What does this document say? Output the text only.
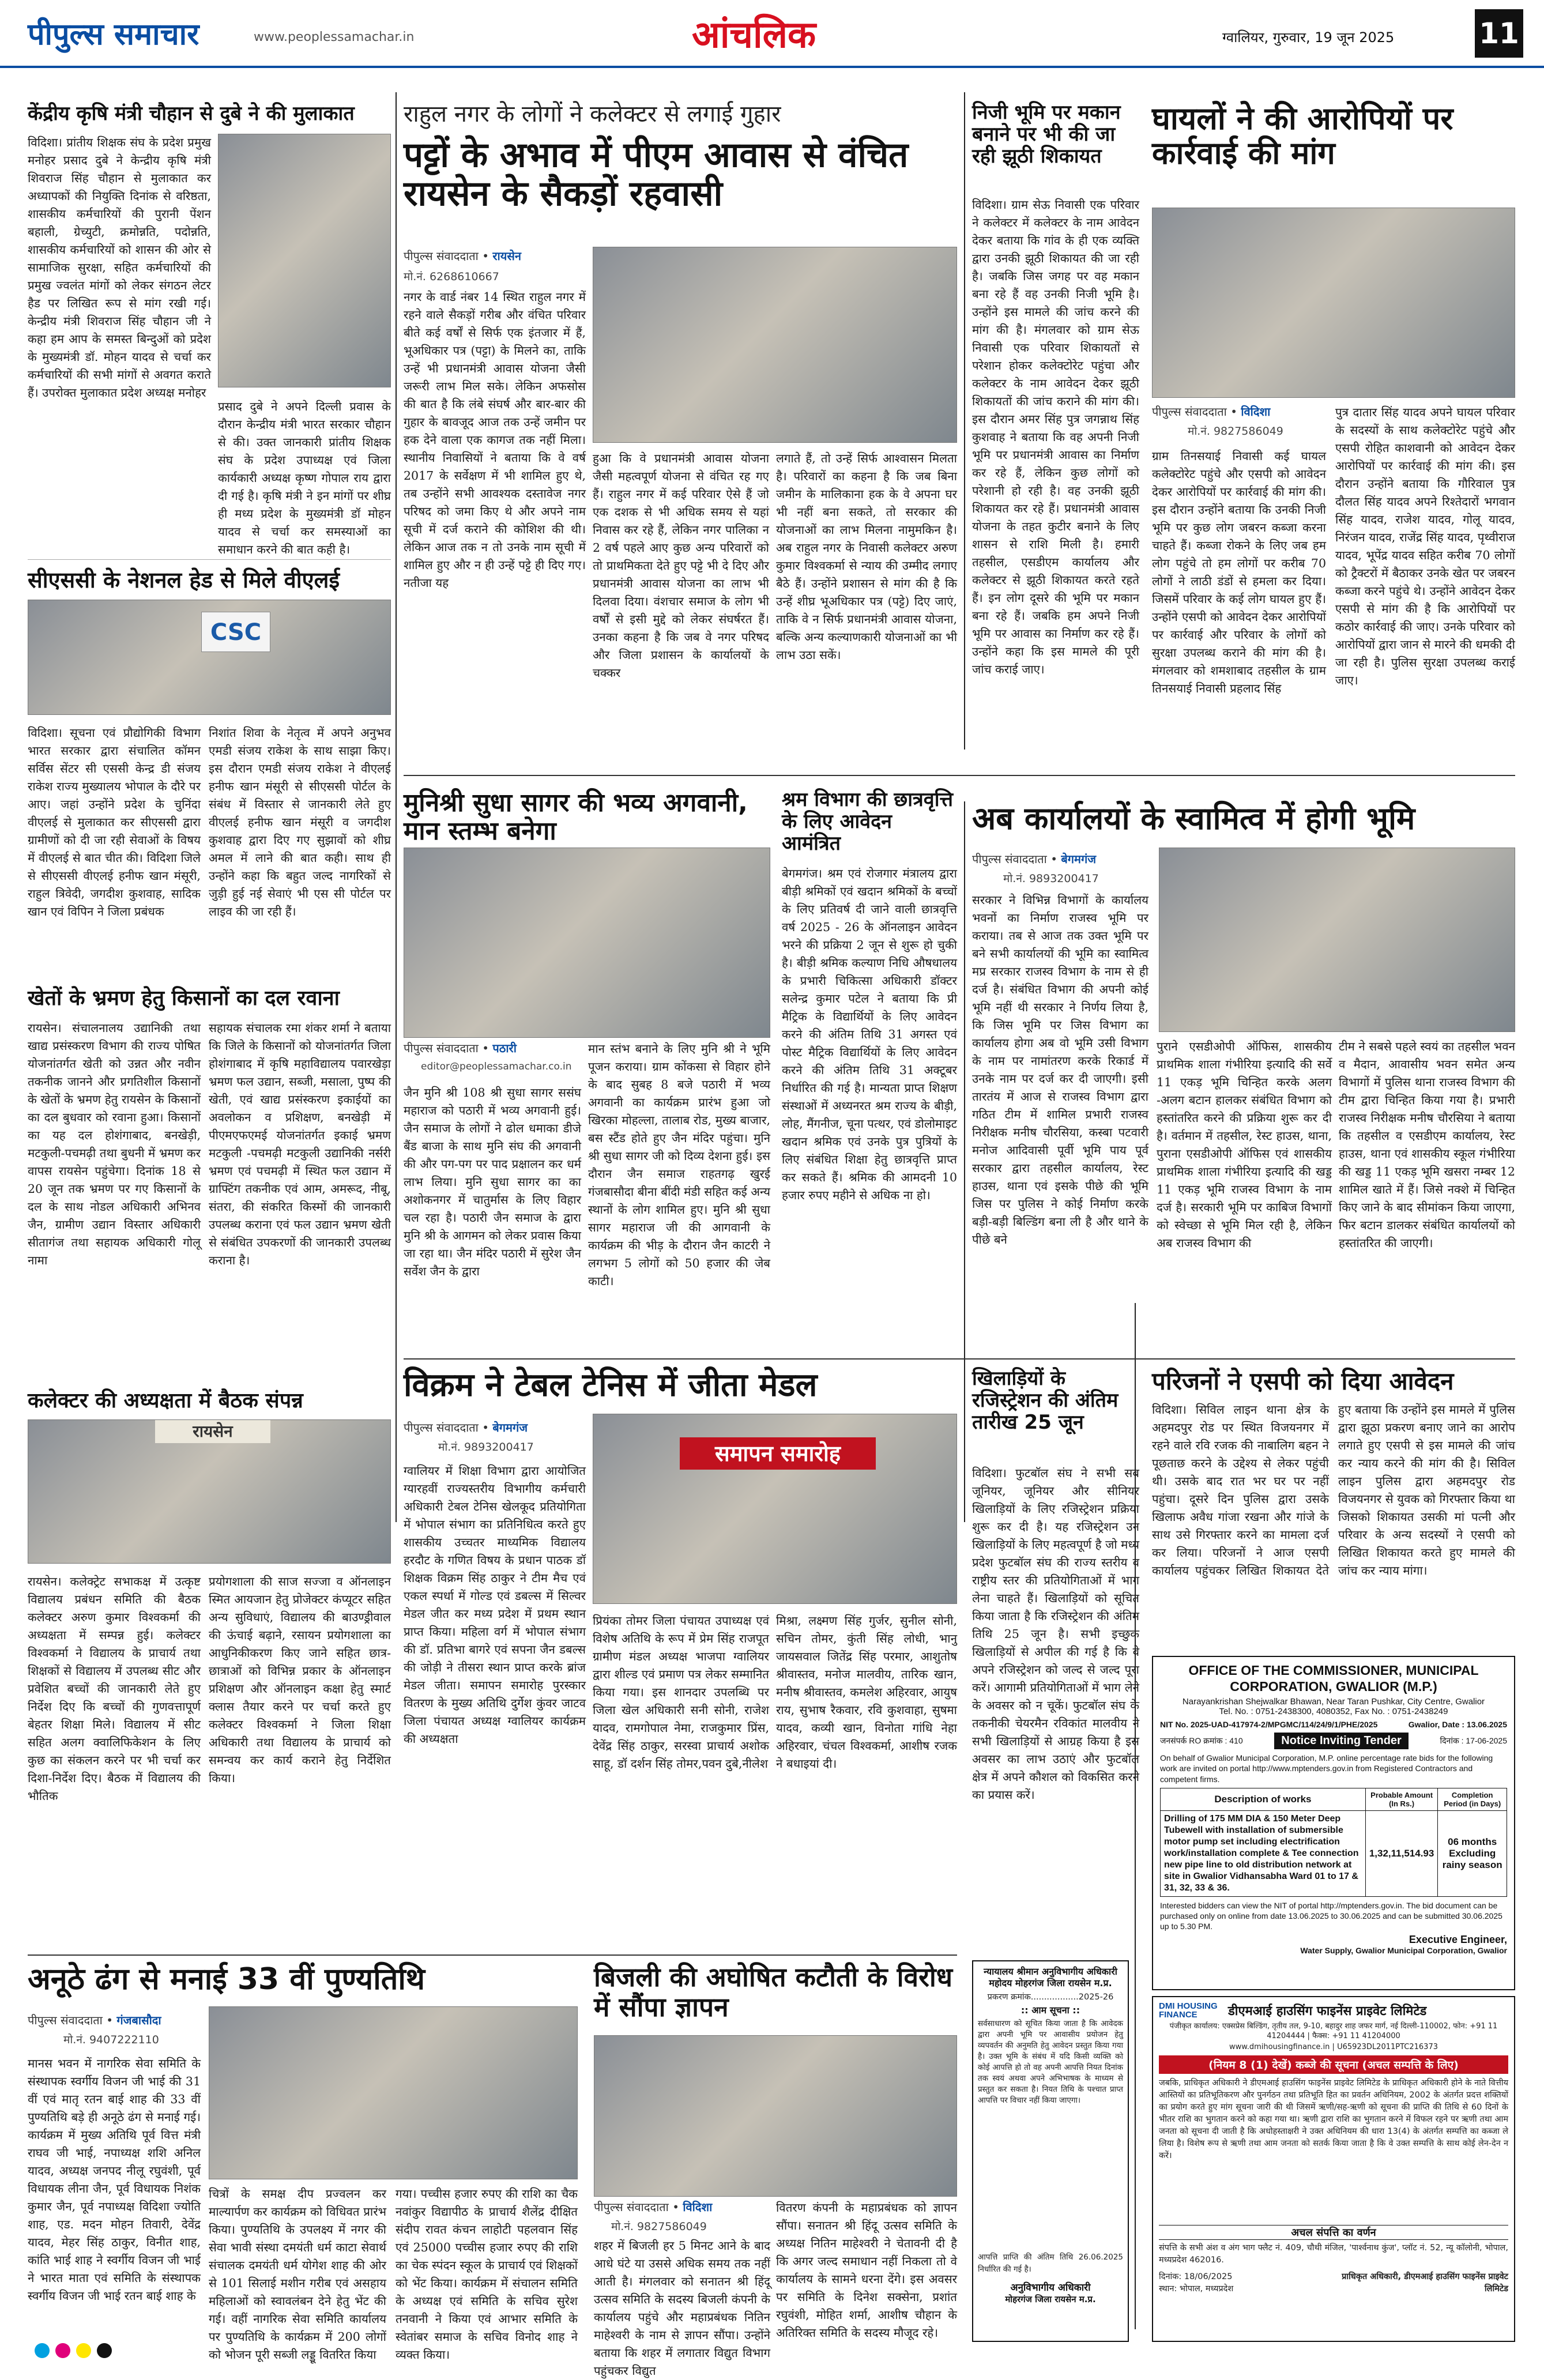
पीपुल्स समाचार	www.peoplessamachar.in	आंचलिक	ग्वालियर, गुरुवार, 19 जून 2025	11
केंद्रीय कृषि मंत्री चौहान से दुबे ने की मुलाकात
विदिशा। प्रांतीय शिक्षक संघ के प्रदेश प्रमुख मनोहर प्रसाद दुबे ने केन्द्रीय कृषि मंत्री शिवराज सिंह चौहान से मुलाकात कर अध्यापकों की नियुक्ति दिनांक से वरिष्ठता, शासकीय कर्मचारियों की पुरानी पेंशन बहाली, ग्रेच्युटी, क्रमोन्नति, पदोन्नति, शासकीय कर्मचारियों को शासन की ओर से सामाजिक सुरक्षा, सहित कर्मचारियों की प्रमुख ज्वलंत मांगों को लेकर संगठन लेटर हैड पर लिखित रूप से मांग रखी गई। केन्द्रीय मंत्री शिवराज सिंह चौहान जी ने कहा हम आप के समस्त बिन्दुओं को प्रदेश के मुख्यमंत्री डॉ. मोहन यादव से चर्चा कर कर्मचारियों की सभी मांगों से अवगत कराते हैं। उपरोक्त मुलाकात प्रदेश अध्यक्ष मनोहर
प्रसाद दुबे ने अपने दिल्ली प्रवास के दौरान केन्द्रीय मंत्री भारत सरकार चौहान से की। उक्त जानकारी प्रांतीय शिक्षक संघ के प्रदेश उपाध्यक्ष एवं जिला कार्यकारी अध्यक्ष कृष्ण गोपाल राय द्वारा दी गई है। कृषि मंत्री ने इन मांगों पर शीघ्र ही मध्य प्रदेश के मुख्यमंत्री डॉ मोहन यादव से चर्चा कर समस्याओं का समाधान करने की बात कही है।
सीएससी के नेशनल हेड से मिले वीएलई
CSC
विदिशा। सूचना एवं प्रौद्योगिकी विभाग भारत सरकार द्वारा संचालित कॉमन सर्विस सेंटर सी एससी केन्द्र डी संजय राकेश राज्य मुख्यालय भोपाल के दौरे पर आए। जहां उन्होंने प्रदेश के चुनिंदा वीएलई से मुलाकात कर सीएससी द्वारा ग्रामीणों को दी जा रही सेवाओं के विषय में वीएलई से बात चीत की। विदिशा जिले से सीएससी वीएलई हनीफ खान मंसूरी, राहुल त्रिवेदी, जगदीश कुशवाह, सादिक खान एवं विपिन ने जिला प्रबंधक
निशांत शिवा के नेतृत्व में अपने अनुभव एमडी संजय राकेश के साथ साझा किए। इस दौरान एमडी संजय राकेश ने वीएलई हनीफ खान मंसूरी से सीएससी पोर्टल के संबंध में विस्तार से जानकारी लेते हुए वीएलई हनीफ खान मंसूरी व जगदीश कुशवाह द्वारा दिए गए सुझावों को शीघ्र अमल में लाने की बात कही। साथ ही उन्होंने कहा कि बहुत जल्द नागरिकों से जुड़ी हुई नई सेवाएं भी एस सी पोर्टल पर लाइव की जा रही हैं।
खेतों के भ्रमण हेतु किसानों का दल रवाना
रायसेन। संचालनालय उद्यानिकी तथा खाद्य प्रसंस्करण विभाग की राज्य पोषित योजनांतर्गत खेती को उन्नत और नवीन तकनीक जानने और प्रगतिशील किसानों के खेतों के भ्रमण हेतु रायसेन के किसानों का दल बुधवार को रवाना हुआ। किसानों का यह दल होशंगाबाद, बनखेड़ी, मटकुली-पचमढ़ी तथा बुधनी में भ्रमण कर वापस रायसेन पहुंचेगा। दिनांक 18 से 20 जून तक भ्रमण पर गए किसानों के दल के साथ नोडल अधिकारी अभिनव जैन, ग्रामीण उद्यान विस्तार अधिकारी सीतागंज तथा सहायक अधिकारी गोलू नामा
सहायक संचालक रमा शंकर शर्मा ने बताया कि जिले के किसानों को योजनांतर्गत जिला होशंगाबाद में कृषि महाविद्यालय पवारखेड़ा भ्रमण फल उद्यान, सब्जी, मसाला, पुष्प की खेती, एवं खाद्य प्रसंस्करण इकाईयों का अवलोकन व प्रशिक्षण, बनखेड़ी में पीएमएफएमई योजनांतर्गत इकाई भ्रमण मटकुली -पचमढ़ी मटकुली उद्यानिकी नर्सरी भ्रमण एवं पचमढ़ी में स्थित फल उद्यान में ग्राफ्टिंग तकनीक एवं आम, अमरूद, नीबू, संतरा, की संकरित किस्मों की जानकारी उपलब्ध कराना एवं फल उद्यान भ्रमण खेती से संबंधित उपकरणों की जानकारी उपलब्ध कराना है।
कलेक्टर की अध्यक्षता में बैठक संपन्न
रायसेन
रायसेन। कलेक्ट्रेट सभाकक्ष में उत्कृष्ट विद्यालय प्रबंधन समिति की बैठक कलेक्टर अरुण कुमार विश्वकर्मा की अध्यक्षता में सम्पन्न हुई। कलेक्टर विश्वकर्मा ने विद्यालय के प्राचार्य तथा शिक्षकों से विद्यालय में उपलब्ध सीट और प्रवेशित बच्चों की जानकारी लेते हुए निर्देश दिए कि बच्चों की गुणवत्तापूर्ण बेहतर शिक्षा मिले। विद्यालय में सीट सहित अलग क्वालिफिकेशन के लिए कुछ का संकलन करने पर भी चर्चा कर दिशा-निर्देश दिए। बैठक में विद्यालय की भौतिक
प्रयोगशाला की साज सज्जा व ऑनलाइन स्मित आयजान हेतु प्रोजेक्टर कंप्यूटर सहित अन्य सुविधाएं, विद्यालय की बाउण्ड्रीवाल की ऊंचाई बढ़ाने, रसायन प्रयोगशाला का आधुनिकीकरण किए जाने सहित छात्र-छात्राओं को विभिन्न प्रकार के ऑनलाइन प्रशिक्षण और ऑनलाइन कक्षा हेतु स्मार्ट क्लास तैयार करने पर चर्चा करते हुए कलेक्टर विश्वकर्मा ने जिला शिक्षा अधिकारी तथा विद्यालय के प्राचार्य को समन्वय कर कार्य कराने हेतु निर्देशित किया।
राहुल नगर के लोगों ने कलेक्टर से लगाई गुहार
पट्टों के अभाव में पीएम आवास से वंचित रायसेन के सैकड़ों रहवासी
पीपुल्स संवाददाता • रायसेन
मो.नं. 6268610667
नगर के वार्ड नंबर 14 स्थित राहुल नगर में रहने वाले सैकड़ों गरीब और वंचित परिवार बीते कई वर्षों से सिर्फ एक इंतजार में हैं, भूअधिकार पत्र (पट्टा) के मिलने का, ताकि उन्हें भी प्रधानमंत्री आवास योजना जैसी जरूरी लाभ मिल सके। लेकिन अफसोस की बात है कि लंबे संघर्ष और बार-बार की गुहार के बावजूद आज तक उन्हें जमीन पर हक देने वाला एक कागज तक नहीं मिला। स्थानीय निवासियों ने बताया कि वे वर्ष 2017 के सर्वेक्षण में भी शामिल हुए थे, तब उन्होंने सभी आवश्यक दस्तावेज नगर परिषद को जमा किए थे और अपने नाम सूची में दर्ज कराने की कोशिश की थी। लेकिन आज तक न तो उनके नाम सूची में शामिल हुए और न ही उन्हें पट्टे ही दिए गए। नतीजा यह
हुआ कि वे प्रधानमंत्री आवास योजना जैसी महत्वपूर्ण योजना से वंचित रह गए हैं। राहुल नगर में कई परिवार ऐसे हैं जो एक दशक से भी अधिक समय से यहां निवास कर रहे हैं, लेकिन नगर पालिका न 2 वर्ष पहले आए कुछ अन्य परिवारों को तो प्राथमिकता देते हुए पट्टे भी दे दिए और प्रधानमंत्री आवास योजना का लाभ भी दिलवा दिया। वंशचार समाज के लोग भी वर्षों से इसी मुद्दे को लेकर संघर्षरत हैं। उनका कहना है कि जब वे नगर परिषद और जिला प्रशासन के कार्यालयों के चक्कर
लगाते हैं, तो उन्हें सिर्फ आश्वासन मिलता है। परिवारों का कहना है कि जब बिना जमीन के मालिकाना हक के वे अपना घर भी नहीं बना सकते, तो सरकार की योजनाओं का लाभ मिलना नामुमकिन है। अब राहुल नगर के निवासी कलेक्टर अरुण कुमार विश्वकर्मा से न्याय की उम्मीद लगाए बैठे हैं। उन्होंने प्रशासन से मांग की है कि उन्हें शीघ्र भूअधिकार पत्र (पट्टे) दिए जाएं, ताकि वे न सिर्फ प्रधानमंत्री आवास योजना, बल्कि अन्य कल्याणकारी योजनाओं का भी लाभ उठा सकें।
निजी भूमि पर मकान बनाने पर भी की जा रही झूठी शिकायत
विदिशा। ग्राम सेऊ निवासी एक परिवार ने कलेक्टर में कलेक्टर के नाम आवेदन देकर बताया कि गांव के ही एक व्यक्ति द्वारा उनकी झूठी शिकायत की जा रही है। जबकि जिस जगह पर वह मकान बना रहे हैं वह उनकी निजी भूमि है। उन्होंने इस मामले की जांच करने की मांग की है। मंगलवार को ग्राम सेऊ निवासी एक परिवार शिकायतों से परेशान होकर कलेक्टोरेट पहुंचा और कलेक्टर के नाम आवेदन देकर झूठी शिकायतों की जांच कराने की मांग की। इस दौरान अमर सिंह पुत्र जगन्नाथ सिंह कुशवाह ने बताया कि वह अपनी निजी भूमि पर प्रधानमंत्री आवास का निर्माण कर रहे हैं, लेकिन कुछ लोगों को परेशानी हो रही है। वह उनकी झूठी शिकायत कर रहे हैं। प्रधानमंत्री आवास योजना के तहत कुटीर बनाने के लिए शासन से राशि मिली है। हमारी तहसील, एसडीएम कार्यालय और कलेक्टर से झूठी शिकायत करते रहते हैं। इन लोग दूसरे की भूमि पर मकान बना रहे हैं। जबकि हम अपने निजी भूमि पर आवास का निर्माण कर रहे हैं। उन्होंने कहा कि इस मामले की पूरी जांच कराई जाए।
घायलों ने की आरोपियों पर कार्रवाई की मांग
पीपुल्स संवाददाता • विदिशा
मो.नं. 9827586049
ग्राम तिनसयाई निवासी कई घायल कलेक्टोरेट पहुंचे और एसपी को आवेदन देकर आरोपियों पर कार्रवाई की मांग की। इस दौरान उन्होंने बताया कि उनकी निजी भूमि पर कुछ लोग जबरन कब्जा करना चाहते हैं। कब्जा रोकने के लिए जब हम लोग पहुंचे तो हम लोगों पर करीब 70 लोगों ने लाठी डंडों से हमला कर दिया। जिसमें परिवार के कई लोग घायल हुए हैं। उन्होंने एसपी को आवेदन देकर आरोपियों पर कार्रवाई और परिवार के लोगों को सुरक्षा उपलब्ध कराने की मांग की है। मंगलवार को शमशाबाद तहसील के ग्राम तिनसयाई निवासी प्रहलाद सिंह
पुत्र दातार सिंह यादव अपने घायल परिवार के सदस्यों के साथ कलेक्टोरेट पहुंचे और एसपी रोहित काशवानी को आवेदन देकर आरोपियों पर कार्रवाई की मांग की। इस दौरान उन्होंने बताया कि गौरिवाल पुत्र दौलत सिंह यादव अपने रिश्तेदारों भगवान सिंह यादव, राजेश यादव, गोलू यादव, निरंजन यादव, राजेंद्र सिंह यादव, पृथ्वीराज यादव, भूपेंद्र यादव सहित करीब 70 लोगों को ट्रैक्टरों में बैठाकर उनके खेत पर जबरन कब्जा करने पहुंचे थे। उन्होंने आवेदन देकर एसपी से मांग की है कि आरोपियों पर कठोर कार्रवाई की जाए। उनके परिवार को आरोपियों द्वारा जान से मारने की धमकी दी जा रही है। पुलिस सुरक्षा उपलब्ध कराई जाए।
मुनिश्री सुधा सागर की भव्य अगवानी, मान स्तम्भ बनेगा
पीपुल्स संवाददाता • पठारी
editor@peoplessamachar.co.in
जैन मुनि श्री 108 श्री सुधा सागर ससंघ महाराज को पठारी में भव्य अगवानी हुई। जैन समाज के लोगों ने ढोल धमाका डीजे बैंड बाजा के साथ मुनि संघ की अगवानी की और पग-पग पर पाद प्रक्षालन कर धर्म लाभ लिया। मुनि सुधा सागर का का अशोकनगर में चातुर्मास के लिए विहार चल रहा है। पठारी जैन समाज के द्वारा मुनि श्री के आगमन को लेकर प्रवास किया जा रहा था। जैन मंदिर पठारी में सुरेश जैन सर्वेश जैन के द्वारा
मान स्तंभ बनाने के लिए मुनि श्री ने भूमि पूजन कराया। ग्राम कोंकसा से विहार होने के बाद सुबह 8 बजे पठारी में भव्य अगवानी का कार्यक्रम प्रारंभ हुआ जो खिरका मोहल्ला, तालाब रोड, मुख्य बाजार, बस स्टैंड होते हुए जैन मंदिर पहुंचा। मुनि श्री सुधा सागर जी को दिव्य देशना हुई। इस दौरान जैन समाज राहतगढ़ खुरई गंजबासौदा बीना बींदी मंडी सहित कई अन्य स्थानों के लोग शामिल हुए। मुनि श्री सुधा सागर महाराज जी की आगवानी के कार्यक्रम की भीड़ के दौरान जैन काटरी ने लगभग 5 लोगों को 50 हजार की जेब काटी।
श्रम विभाग की छात्रवृत्ति के लिए आवेदन आमंत्रित
बेगमगंज। श्रम एवं रोजगार मंत्रालय द्वारा बीड़ी श्रमिकों एवं खदान श्रमिकों के बच्चों के लिए प्रतिवर्ष दी जाने वाली छात्रवृत्ति वर्ष 2025 - 26 के ऑनलाइन आवेदन भरने की प्रक्रिया 2 जून से शुरू हो चुकी है। बीड़ी श्रमिक कल्याण निधि औषधालय के प्रभारी चिकित्सा अधिकारी डॉक्टर सलेन्द्र कुमार पटेल ने बताया कि प्री मैट्रिक के विद्यार्थियों के लिए आवेदन करने की अंतिम तिथि 31 अगस्त एवं पोस्ट मैट्रिक विद्यार्थियों के लिए आवेदन करने की अंतिम तिथि 31 अक्टूबर निर्धारित की गई है। मान्यता प्राप्त शिक्षण संस्थाओं में अध्यनरत श्रम राज्य के बीड़ी, लोह, मैंगनीज, चूना पत्थर, एवं डोलोमाइट खदान श्रमिक एवं उनके पुत्र पुत्रियों के लिए संबंधित शिक्षा हेतु छात्रवृत्ति प्राप्त कर सकते हैं। श्रमिक की आमदनी 10 हजार रुपए महीने से अधिक ना हो।
अब कार्यालयों के स्वामित्व में होगी भूमि
पीपुल्स संवाददाता • बेगमगंज
मो.नं. 9893200417
सरकार ने विभिन्न विभागों के कार्यालय भवनों का निर्माण राजस्व भूमि पर कराया। तब से आज तक उक्त भूमि पर बने सभी कार्यालयों की भूमि का स्वामित्व मप्र सरकार राजस्व विभाग के नाम से ही दर्ज है। संबंधित विभाग की अपनी कोई भूमि नहीं थी सरकार ने निर्णय लिया है, कि जिस भूमि पर जिस विभाग का कार्यालय होगा अब वो भूमि उसी विभाग के नाम पर नामांतरण करके रिकार्ड में उनके नाम पर दर्ज कर दी जाएगी। इसी तारतंय में आज से राजस्व विभाग द्वारा गठित टीम में शामिल प्रभारी राजस्व निरीक्षक मनीष चौरसिया, कस्बा पटवारी मनोज आदिवासी पूर्वी भूमि पाय पूर्व सरकार द्वारा तहसील कार्यालय, रेस्ट हाउस, थाना एवं इसके पीछे की भूमि जिस पर पुलिस ने कोई निर्माण करके बड़ी-बड़ी बिल्डिंग बना ली है और थाने के पीछे बने
पुराने एसडीओपी ऑफिस, शासकीय प्राथमिक शाला गंभीरिया इत्यादि की सर्वे 11 एकड़ भूमि चिन्हित करके अलग -अलग बटान हालकर संबंधित विभाग को हस्तांतरित करने की प्रक्रिया शुरू कर दी है। वर्तमान में तहसील, रेस्ट हाउस, थाना, पुराना एसडीओपी ऑफिस एवं शासकीय प्राथमिक शाला गंभीरिया इत्यादि की खड्ड 11 एकड़ भूमि राजस्व विभाग के नाम दर्ज है। सरकारी भूमि पर काबिज विभागों को स्वेच्छा से भूमि मिल रही है, लेकिन अब राजस्व विभाग की
टीम ने सबसे पहले स्वयं का तहसील भवन व मैदान, आवासीय भवन समेत अन्य विभागों में पुलिस थाना राजस्व विभाग की टीम द्वारा चिन्हित किया गया है। प्रभारी राजस्व निरीक्षक मनीष चौरसिया ने बताया कि तहसील व एसडीएम कार्यालय, रेस्ट हाउस, थाना एवं शासकीय स्कूल गंभीरिया की खड्ड 11 एकड़ भूमि खसरा नम्बर 12 शामिल खाते में हैं। जिसे नक्शे में चिन्हित किए जाने के बाद सीमांकन किया जाएगा, फिर बटान डालकर संबंधित कार्यालयों को हस्तांतरित की जाएगी।
विक्रम ने टेबल टेनिस में जीता मेडल
पीपुल्स संवाददाता • बेगमगंज
मो.नं. 9893200417	समापन समारोह
ग्वालियर में शिक्षा विभाग द्वारा आयोजित ग्यारहवीं राज्यस्तरीय विभागीय कर्मचारी अधिकारी टेबल टेनिस खेलकूद प्रतियोगिता में भोपाल संभाग का प्रतिनिधित्व करते हुए शासकीय उच्चतर माध्यमिक विद्यालय हरदौट के गणित विषय के प्रधान पाठक डॉ शिक्षक विक्रम सिंह ठाकुर ने टीम मैच एवं एकल स्पर्धा में गोल्ड एवं डबल्स में सिल्वर मेडल जीत कर मध्य प्रदेश में प्रथम स्थान प्राप्त किया। महिला वर्ग में भोपाल संभाग की डॉ. प्रतिभा बागरे एवं सपना जैन डबल्स की जोड़ी ने तीसरा स्थान प्राप्त करके ब्रांज मेडल जीता। समापन समारोह पुरस्कार वितरण के मुख्य अतिथि दुर्गेश कुंवर जाटव जिला पंचायत अध्यक्ष ग्वालियर कार्यक्रम की अध्यक्षता
प्रियंका तोमर जिला पंचायत उपाध्यक्ष एवं विशेष अतिथि के रूप में प्रेम सिंह राजपूत ग्रामीण मंडल अध्यक्ष भाजपा ग्वालियर द्वारा शील्ड एवं प्रमाण पत्र लेकर सम्मानित किया गया। इस शानदार उपलब्धि पर जिला खेल अधिकारी सनी सोनी, राजेश यादव, रामगोपाल नेमा, राजकुमार प्रिंस, देवेंद्र सिंह ठाकुर, सरस्वा प्राचार्य अशोक साहू, डॉ दर्शन सिंह तोमर,पवन दुबे,नीलेश
मिश्रा, लक्ष्मण सिंह गुर्जर, सुनील सोनी, सचिन तोमर, कुंती सिंह लोधी, भानु जायसवाल जितेंद्र सिंह परमार, आशुतोष श्रीवास्तव, मनोज मालवीय, तारिक खान, मनीष श्रीवास्तव, कमलेश अहिरवार, आयुष राय, सुभाष रैकवार, रवि कुशवाहा, सुषमा यादव, कव्यी खान, विनोता गांधि नेहा अहिरवार, चंचल विश्वकर्मा, आशीष रजक ने बधाइयां दी।
खिलाड़ियों के रजिस्ट्रेशन की अंतिम तारीख 25 जून
विदिशा। फुटबॉल संघ ने सभी सब जूनियर, जूनियर और सीनियर खिलाड़ियों के लिए रजिस्ट्रेशन प्रक्रिया शुरू कर दी है। यह रजिस्ट्रेशन उन खिलाड़ियों के लिए महत्वपूर्ण है जो मध्य प्रदेश फुटबॉल संघ की राज्य स्तरीय व राष्ट्रीय स्तर की प्रतियोगिताओं में भाग लेना चाहते हैं। खिलाड़ियों को सूचित किया जाता है कि रजिस्ट्रेशन की अंतिम तिथि 25 जून है। सभी इच्छुक खिलाड़ियों से अपील की गई है कि वे अपने रजिस्ट्रेशन को जल्द से जल्द पूरा करें। आगामी प्रतियोगिताओं में भाग लेने के अवसर को न चूकें। फुटबॉल संघ के तकनीकी चेयरमैन रविकांत मालवीय ने सभी खिलाड़ियों से आग्रह किया है इस अवसर का लाभ उठाएं और फुटबॉल क्षेत्र में अपने कौशल को विकसित करने का प्रयास करें।
परिजनों ने एसपी को दिया आवेदन
विदिशा। सिविल लाइन थाना क्षेत्र के अहमदपुर रोड पर स्थित विजयनगर में रहने वाले रवि रजक की नाबालिग बहन ने पूछताछ करने के उद्देश्य से लेकर पहुंची थी। उसके बाद रात भर घर पर नहीं पहुंचा। दूसरे दिन पुलिस द्वारा उसके खिलाफ अवैध गांजा रखना और गांजे के साथ उसे गिरफ्तार करने का मामला दर्ज कर लिया। परिजनों ने आज एसपी कार्यालय पहुंचकर लिखित शिकायत देते हुए बताया कि उन्होंने इस मामले में पुलिस द्वारा झूठा प्रकरण बनाए जाने का आरोप लगाते हुए एसपी से इस मामले की जांच कर न्याय करने की मांग की है। सिविल लाइन पुलिस द्वारा अहमदपुर रोड विजयनगर से युवक को गिरफ्तार किया था जिसको शिकायत उसकी मां पत्नी और परिवार के अन्य सदस्यों ने एसपी को लिखित शिकायत करते हुए मामले की जांच कर न्याय मांगा।
OFFICE OF THE COMMISSIONER, MUNICIPAL CORPORATION, GWALIOR (M.P.)
Narayankrishan Shejwalkar Bhawan, Near Taran Pushkar, City Centre, Gwalior
Tel. No. : 0751-2438300, 4080352, Fax No. : 0751-2438249
NIT No. 2025-UAD-417974-2/MPGMC/114/24/9/1/PHE/2025	Gwalior, Date : 13.06.2025
जनसंपर्क RO क्रमांक : 410	Notice Inviting Tender	दिनांक : 17-06-2025
On behalf of Gwalior Municipal Corporation, M.P. online percentage rate bids for the following work are invited on portal http://www.mptenders.gov.in from Registered Contractors and competent firms.
Description of works	Probable Amount (In Rs.)	Completion Period (in Days)
Drilling of 175 MM DIA & 150 Meter Deep Tubewell with installation of submersible motor pump set including electrification work/installation complete & Tee connection new pipe line to old distribution network at site in Gwalior Vidhansabha Ward 01 to 17 & 31, 32, 33 & 36.	1,32,11,514.93	06 months Excluding rainy season
Interested bidders can view the NIT of portal http://mptenders.gov.in. The bid document can be purchased only on online from date 13.06.2025 to 30.06.2025 and can be submitted 30.06.2025 up to 5.30 PM.
Executive Engineer,
Water Supply, Gwalior Municipal Corporation, Gwalior
DMI HOUSING FINANCE	डीएमआई हाउसिंग फाइनेंस प्राइवेट लिमिटेड
पंजीकृत कार्यालय: एक्सप्रेस बिल्डिंग, तृतीय तल, 9-10, बहादुर शाह जफर मार्ग, नई दिल्ली-110002, फोन: +91 11 41204444 | फैक्स: +91 11 41204000
www.dmihousingfinance.in | U65923DL2011PTC216373
(नियम 8 (1) देखें) कब्जे की सूचना (अचल सम्पत्ति के लिए)
जबकि, प्राधिकृत अधिकारी ने डीएमआई हाउसिंग फाइनेंस प्राइवेट लिमिटेड के प्राधिकृत अधिकारी होने के नाते वित्तीय आस्तियों का प्रतिभूतिकरण और पुनर्गठन तथा प्रतिभूति हित का प्रवर्तन अधिनियम, 2002 के अंतर्गत प्रदत्त शक्तियों का प्रयोग करते हुए मांग सूचना जारी की थी जिसमें ऋणी/सह-ऋणी को सूचना की प्राप्ति की तिथि से 60 दिनों के भीतर राशि का भुगतान करने को कहा गया था। ऋणी द्वारा राशि का भुगतान करने में विफल रहने पर ऋणी तथा आम जनता को सूचना दी जाती है कि अधोहस्ताक्षरी ने उक्त अधिनियम की धारा 13(4) के अंतर्गत सम्पत्ति का कब्जा ले लिया है। विशेष रूप से ऋणी तथा आम जनता को सतर्क किया जाता है कि वे उक्त सम्पत्ति के साथ कोई लेन-देन न करें।
अचल संपत्ति का वर्णन
संपत्ति के सभी अंश व अंग भाग फ्लैट नं. 409, चौथी मंजिल, 'पार्श्वनाथ कुंज', प्लॉट नं. 52, न्यू कॉलोनी, भोपाल, मध्यप्रदेश 462016.
दिनांक: 18/06/2025
स्थान: भोपाल, मध्यप्रदेश
प्राधिकृत अधिकारी, डीएमआई हाउसिंग फाइनेंस प्राइवेट लिमिटेड
न्यायालय श्रीमान अनुविभागीय अधिकारी महोदय मोहरगंज जिला रायसेन म.प्र.
प्रकरण क्रमांक..................2025-26
:: आम सूचना ::
सर्वसाधारण को सूचित किया जाता है कि आवेदक द्वारा अपनी भूमि पर आवासीय प्रयोजन हेतु व्यपवर्तन की अनुमति हेतु आवेदन प्रस्तुत किया गया है। उक्त भूमि के संबंध में यदि किसी व्यक्ति को कोई आपत्ति हो तो वह अपनी आपत्ति नियत दिनांक तक स्वयं अथवा अपने अभिभाषक के माध्यम से प्रस्तुत कर सकता है। नियत तिथि के पश्चात प्राप्त आपत्ति पर विचार नहीं किया जाएगा।
आपत्ति प्राप्ति की अंतिम तिथि 26.06.2025 निर्धारित की गई है।
अनुविभागीय अधिकारी
मोहरगंज जिला रायसेन म.प्र.
अनूठे ढंग से मनाई 33 वीं पुण्यतिथि
पीपुल्स संवाददाता • गंजबासौदा
मो.नं. 9407222110
मानस भवन में नागरिक सेवा समिति के संस्थापक स्वर्गीय विजन जी भाई की 31 वीं एवं मातृ रतन बाई शाह की 33 वीं पुण्यतिथि बड़े ही अनूठे ढंग से मनाई गई। कार्यक्रम में मुख्य अतिथि पूर्व वित्त मंत्री राघव जी भाई, नपाध्यक्ष शशि अनिल यादव, अध्यक्ष जनपद नीलू रघुवंशी, पूर्व विधायक लीना जैन, पूर्व विधायक निशंक कुमार जैन, पूर्व नपाध्यक्ष विदिशा ज्योति शाह, एड. मदन मोहन तिवारी, देवेंद्र यादव, मेहर सिंह ठाकुर, विनीत शाह, कांति भाई शाह ने स्वर्गीय विजन जी भाई ने भारत माता एवं समिति के संस्थापक स्वर्गीय विजन जी भाई रतन बाई शाह के
चित्रों के समक्ष दीप प्रज्वलन कर माल्यार्पण कर कार्यक्रम को विधिवत प्रारंभ किया। पुण्यतिथि के उपलक्ष्य में नगर की सेवा भावी संस्था दमयंती धर्म काटा सेवार्थ संचालक दमयंती धर्म योगेश शाह की ओर से 101 सिलाई मशीन गरीब एवं असहाय महिलाओं को स्वावलंबन देने हेतु भेंट की गई। वहीं नागरिक सेवा समिति कार्यालय पर पुण्यतिथि के कार्यक्रम में 200 लोगों को भोजन पूरी सब्जी लड्डू वितरित किया
गया। पच्चीस हजार रुपए की राशि का चैक नवांकुर विद्यापीठ के प्राचार्य शैलेंद्र दीक्षित संदीप रावत कंचन लाहोटी पहलवान सिंह एवं 25000 पच्चीस हजार रुपए की राशि का चेक स्पंदन स्कूल के प्राचार्य एवं शिक्षकों को भेंट किया। कार्यक्रम में संचालन समिति के अध्यक्ष एवं समिति के सचिव सुरेश तनवानी ने किया एवं आभार समिति के स्वेतांबर समाज के सचिव विनोद शाह ने व्यक्त किया।
बिजली की अघोषित कटौती के विरोध में सौंपा ज्ञापन
पीपुल्स संवाददाता • विदिशा
मो.नं. 9827586049
शहर में बिजली हर 5 मिनट आने के बाद आधे घंटे या उससे अधिक समय तक नहीं आती है। मंगलवार को सनातन श्री हिंदू उत्सव समिति के सदस्य बिजली कंपनी के कार्यालय पहुंचे और महाप्रबंधक नितिन माहेश्वरी के नाम से ज्ञापन सौंपा। उन्होंने बताया कि शहर में लगातार विद्युत विभाग पहुंचकर विद्युत
वितरण कंपनी के महाप्रबंधक को ज्ञापन सौंपा। सनातन श्री हिंदू उत्सव समिति के अध्यक्ष नितिन माहेश्वरी ने चेतावनी दी है कि अगर जल्द समाधान नहीं निकला तो वे कार्यालय के सामने धरना देंगे। इस अवसर पर समिति के दिनेश सक्सेना, प्रशांत रघुवंशी, मोहित शर्मा, आशीष चौहान के अतिरिक्त समिति के सदस्य मौजूद रहे।
